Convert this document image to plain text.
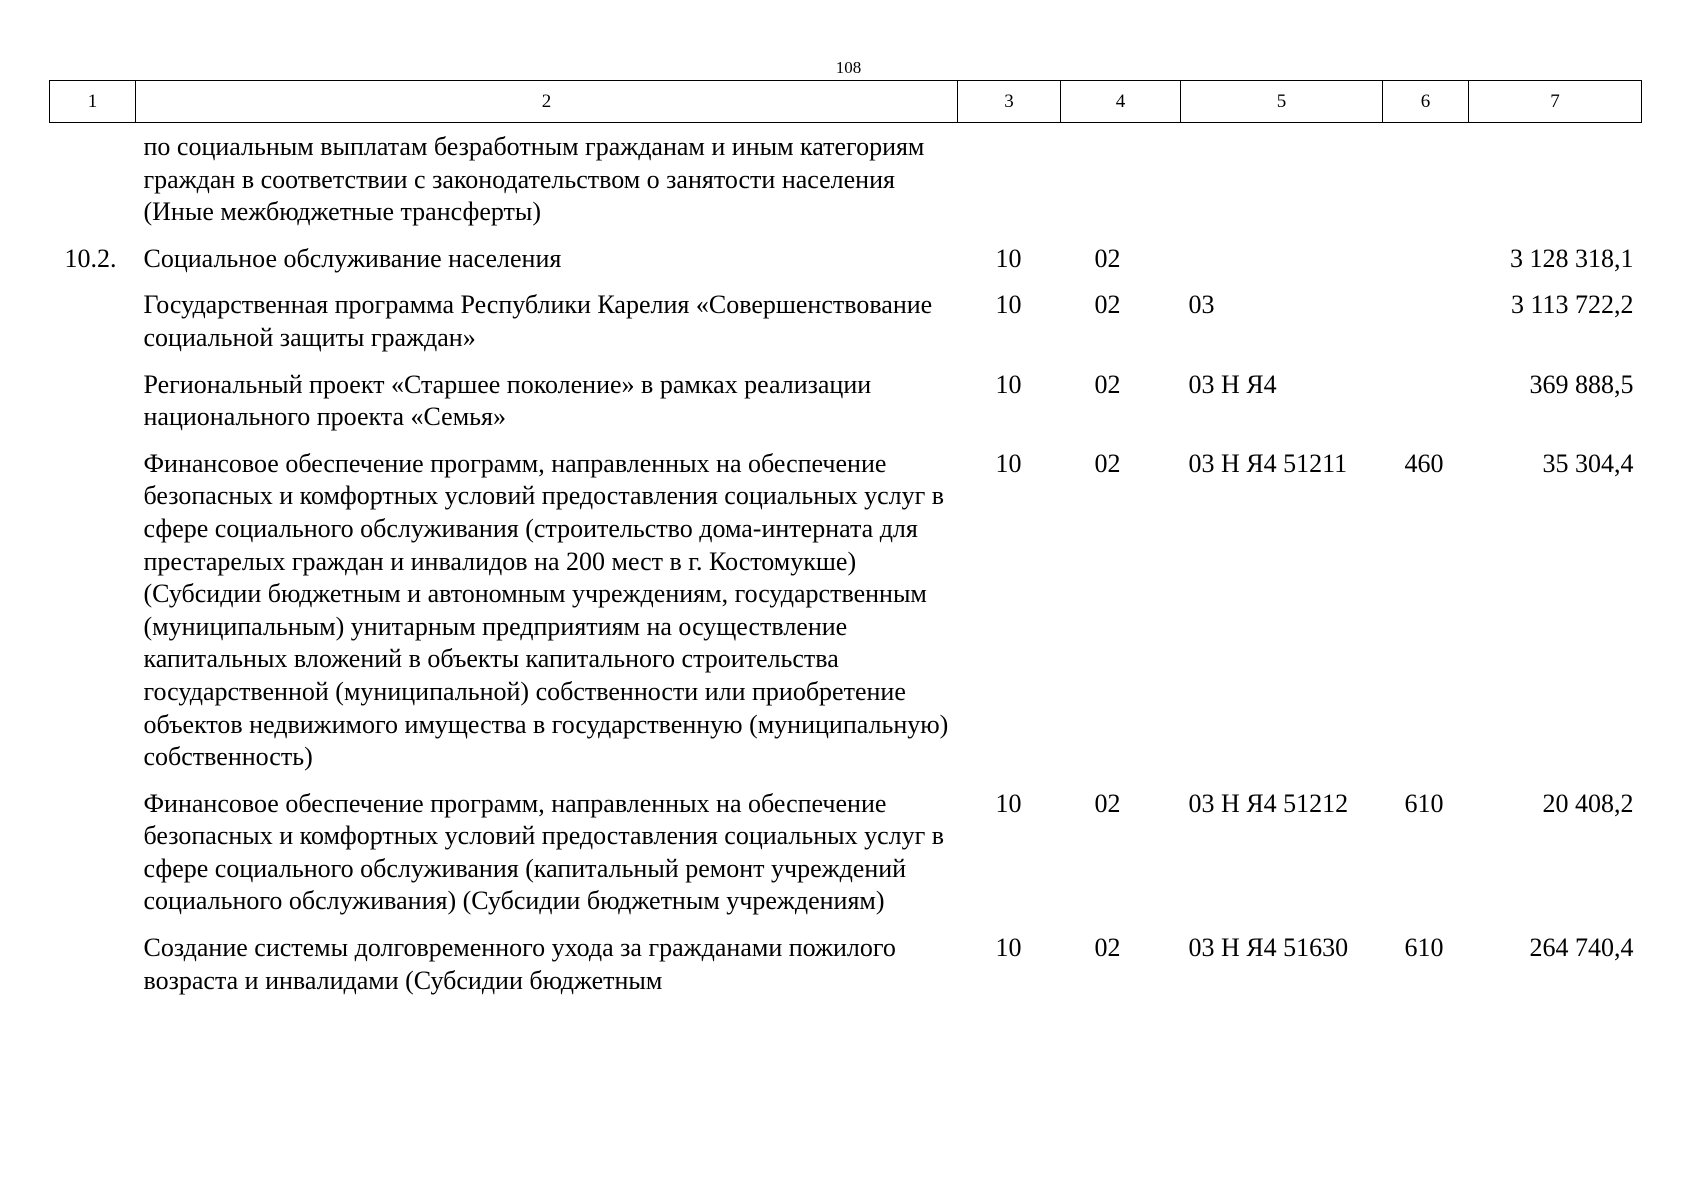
108
1	2	3	4	5	6	7
	по социальным выплатам безработным гражданам и иным категориям граждан в соответствии с законодательством о занятости населения (Иные межбюджетные трансферты)					
10.2.	Социальное обслуживание населения	10	02			3 128 318,1
	Государственная программа Республики Карелия «Совершенствование социальной защиты граждан»	10	02	03		3 113 722,2
	Региональный проект «Старшее поколение» в рамках реализации национального проекта «Семья»	10	02	03 Н Я4		369 888,5
	Финансовое обеспечение программ, направленных на обеспечение безопасных и комфортных условий предоставления социальных услуг в сфере социального обслуживания (строительство дома-интерната для престарелых граждан и инвалидов на 200 мест в г. Костомукше) (Субсидии бюджетным и автономным учреждениям, государственным (муниципальным) унитарным предприятиям на осуществление капитальных вложений в объекты капитального строительства государственной (муниципальной) собственности или приобретение объектов недвижимого имущества в государственную (муниципальную) собственность)	10	02	03 Н Я4 51211	460	35 304,4
	Финансовое обеспечение программ, направленных на обеспечение безопасных и комфортных условий предоставления социальных услуг в сфере социального обслуживания (капитальный ремонт учреждений социального обслуживания) (Субсидии бюджетным учреждениям)	10	02	03 Н Я4 51212	610	20 408,2
	Создание системы долговременного ухода за гражданами пожилого возраста и инвалидами (Субсидии бюджетным	10	02	03 Н Я4 51630	610	264 740,4
